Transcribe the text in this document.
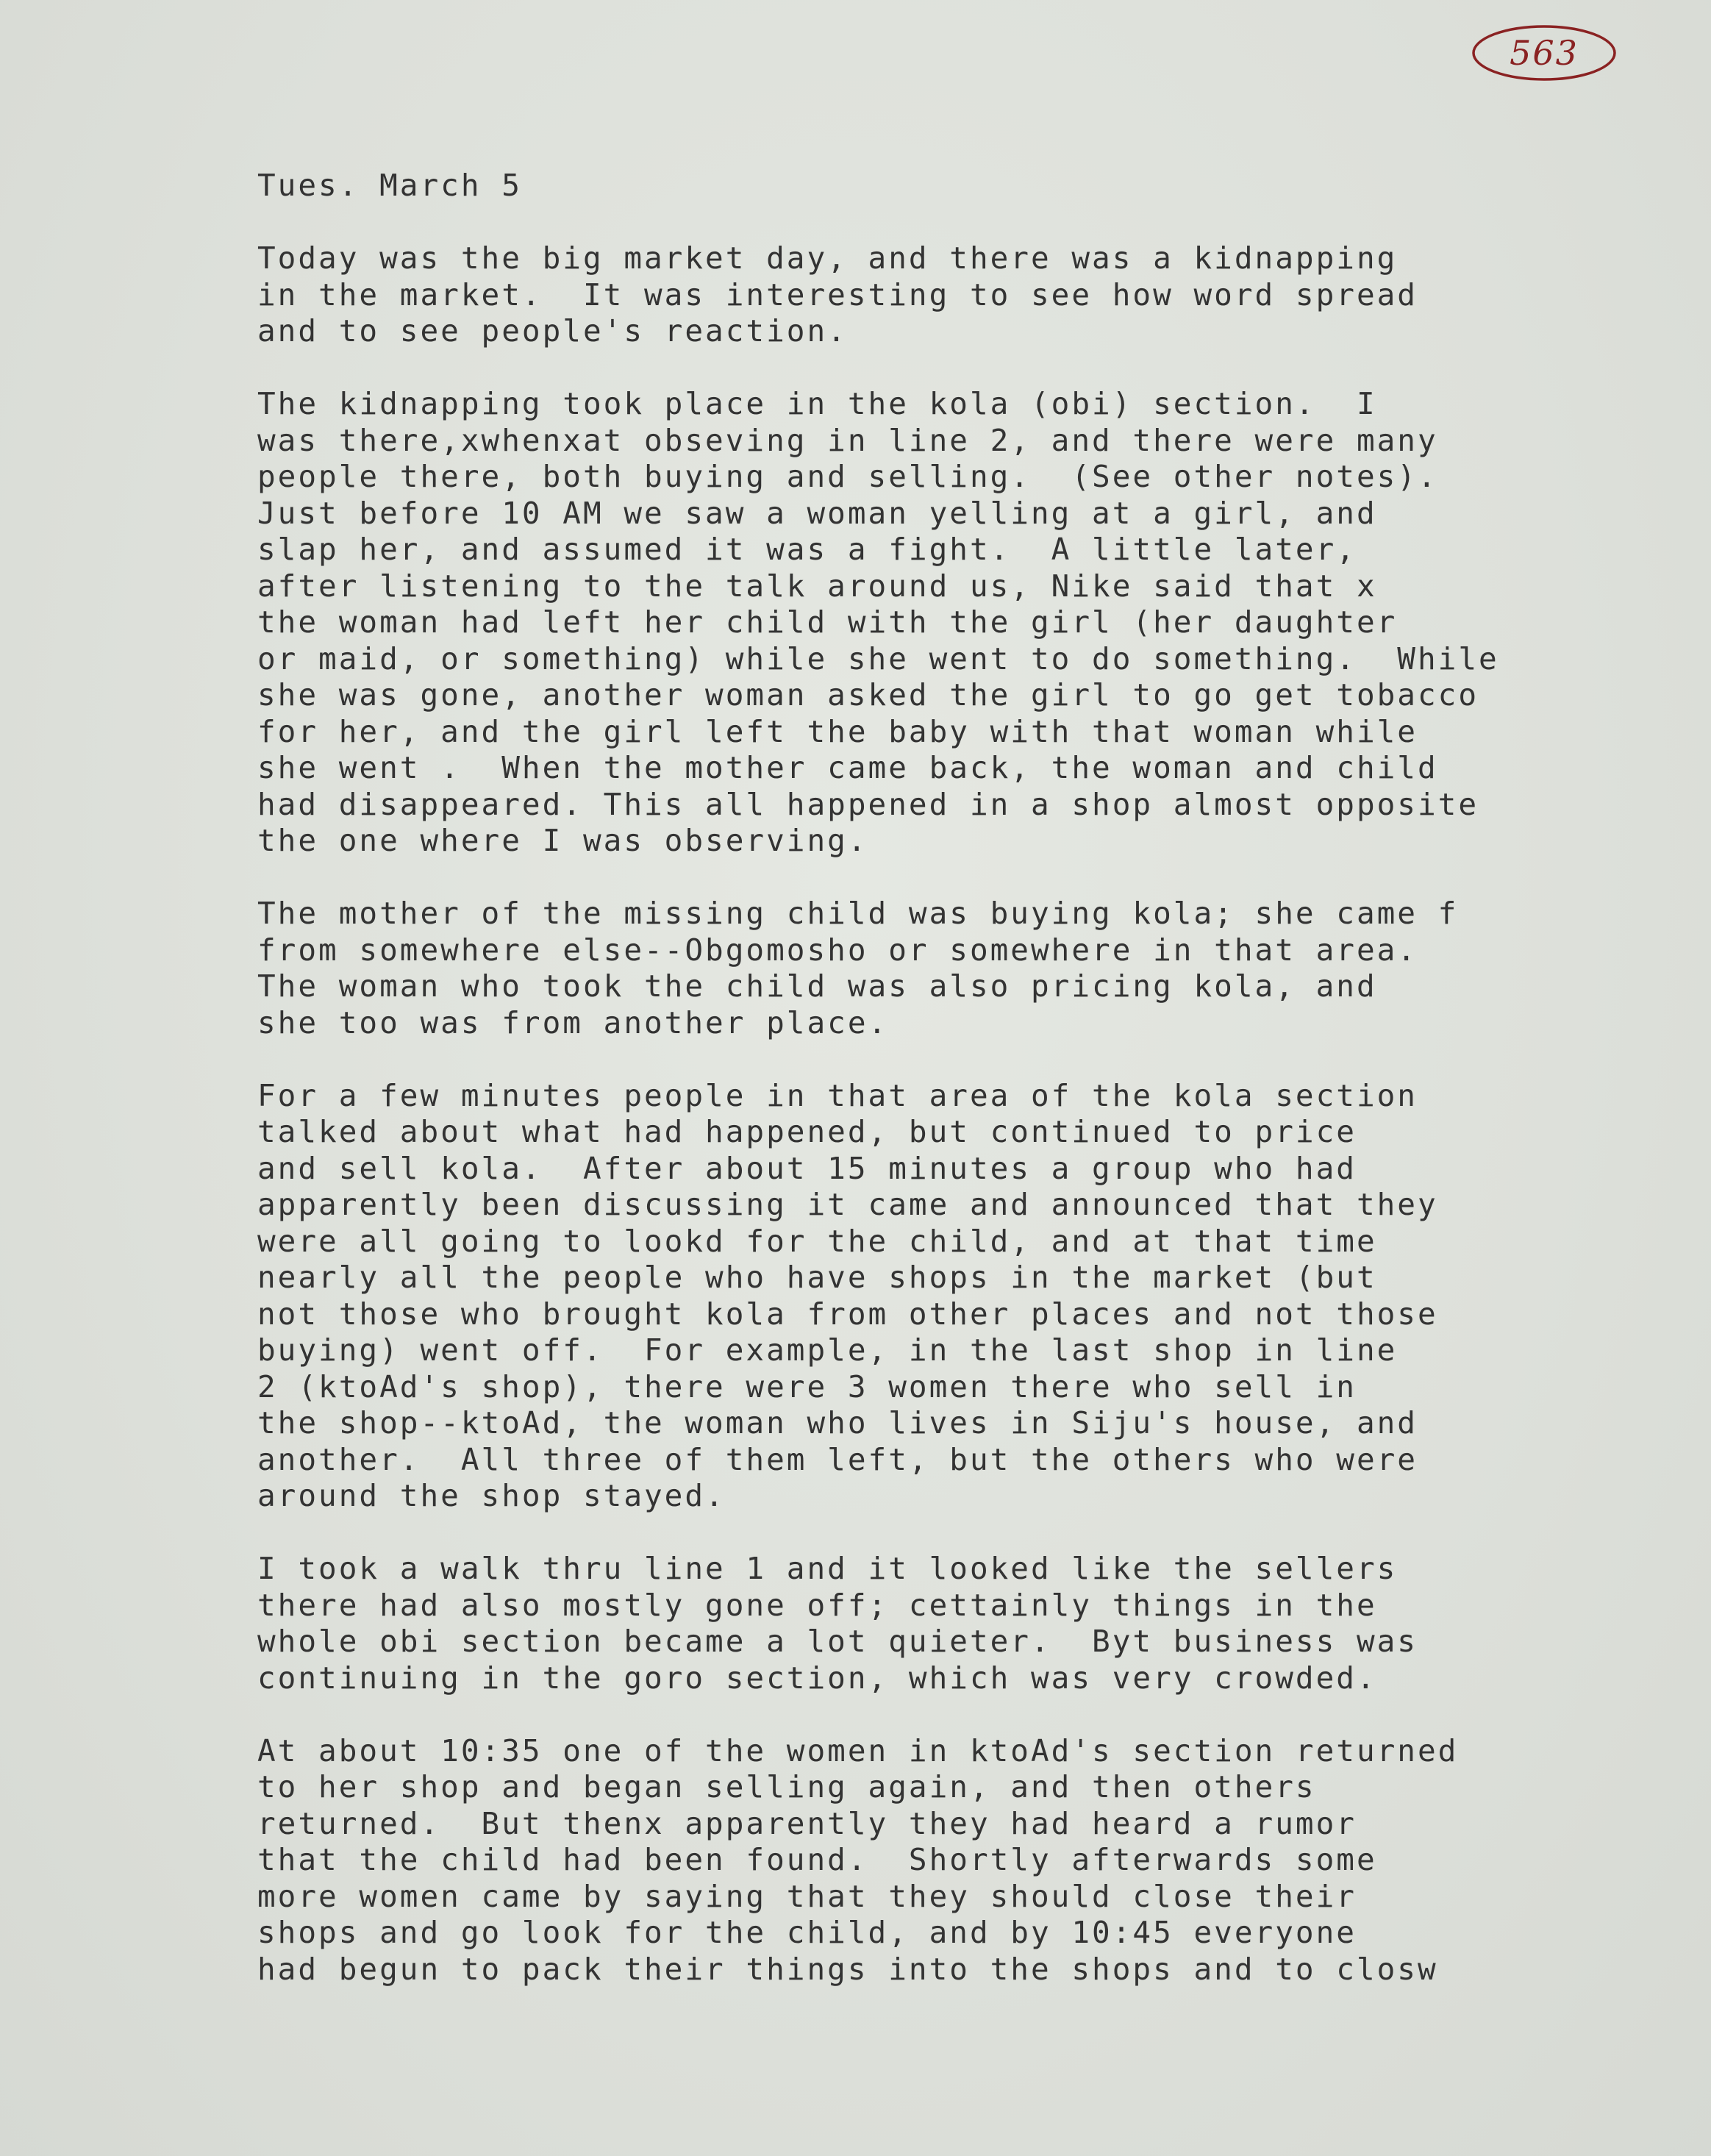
563
Tues. March 5
Today was the big market day, and there was a kidnapping
in the market.  It was interesting to see how word spread
and to see people's reaction.
The kidnapping took place in the kola (obi) section.  I
was there,xwhenxat obseving in line 2, and there were many
people there, both buying and selling.  (See other notes).
Just before 10 AM we saw a woman yelling at a girl, and
slap her, and assumed it was a fight.  A little later,
after listening to the talk around us, Nike said that x
the woman had left her child with the girl (her daughter
or maid, or something) while she went to do something.  While
she was gone, another woman asked the girl to go get tobacco
for her, and the girl left the baby with that woman while
she went .  When the mother came back, the woman and child
had disappeared. This all happened in a shop almost opposite
the one where I was observing.
The mother of the missing child was buying kola; she came f
from somewhere else--Obgomosho or somewhere in that area.
The woman who took the child was also pricing kola, and
she too was from another place.
For a few minutes people in that area of the kola section
talked about what had happened, but continued to price
and sell kola.  After about 15 minutes a group who had
apparently been discussing it came and announced that they
were all going to lookd for the child, and at that time
nearly all the people who have shops in the market (but
not those who brought kola from other places and not those
buying) went off.  For example, in the last shop in line
2 (ktoAd's shop), there were 3 women there who sell in
the shop--ktoAd, the woman who lives in Siju's house, and
another.  All three of them left, but the others who were
around the shop stayed.
I took a walk thru line 1 and it looked like the sellers
there had also mostly gone off; cettainly things in the
whole obi section became a lot quieter.  Byt business was
continuing in the goro section, which was very crowded.
At about 10:35 one of the women in ktoAd's section returned
to her shop and began selling again, and then others
returned.  But thenx apparently they had heard a rumor
that the child had been found.  Shortly afterwards some
more women came by saying that they should close their
shops and go look for the child, and by 10:45 everyone
had begun to pack their things into the shops and to closw
